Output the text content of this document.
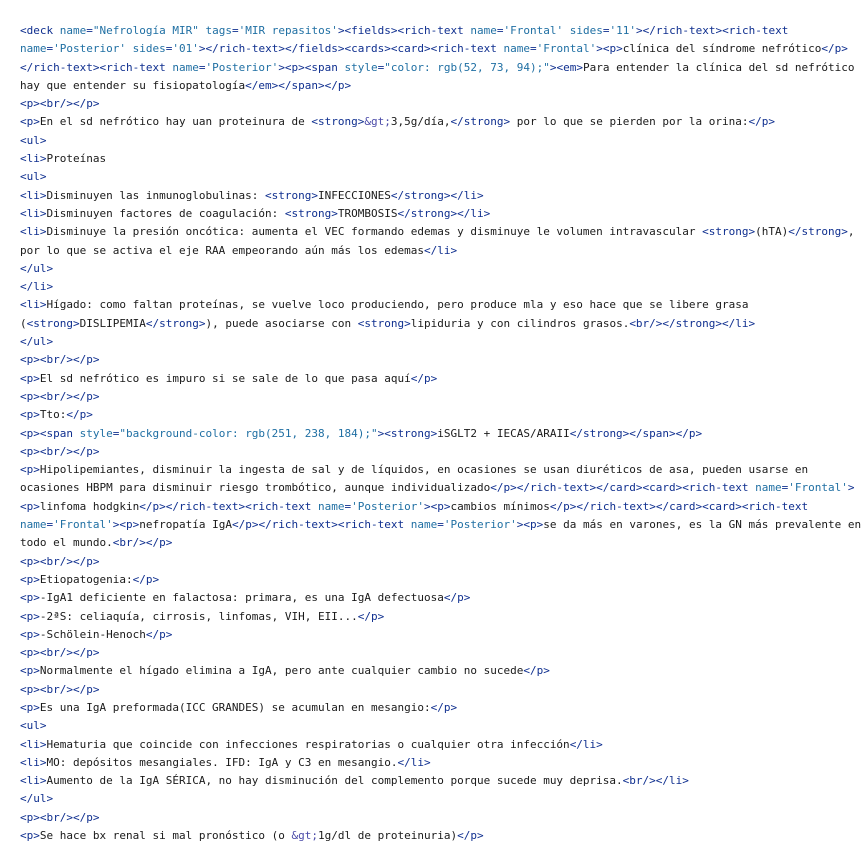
<deck name="Nefrología MIR" tags='MIR repasitos'><fields><rich-text name='Frontal' sides='11'></rich-text><rich-text
name='Posterior' sides='01'></rich-text></fields><cards><card><rich-text name='Frontal'><p>clínica del síndrome nefrótico</p>
</rich-text><rich-text name='Posterior'><p><span style="color: rgb(52, 73, 94);"><em>Para entender la clínica del sd nefrótico
hay que entender su fisiopatología</em></span></p>
<p><br/></p>
<p>En el sd nefrótico hay uan proteinura de <strong>&gt;3,5g/día,</strong> por lo que se pierden por la orina:</p>
<ul>
<li>Proteínas
<ul>
<li>Disminuyen las inmunoglobulinas: <strong>INFECCIONES</strong></li>
<li>Disminuyen factores de coagulación: <strong>TROMBOSIS</strong></li>
<li>Disminuye la presión oncótica: aumenta el VEC formando edemas y disminuye le volumen intravascular <strong>(hTA)</strong>,
por lo que se activa el eje RAA empeorando aún más los edemas</li>
</ul>
</li>
<li>Hígado: como faltan proteínas, se vuelve loco produciendo, pero produce mla y eso hace que se libere grasa
(<strong>DISLIPEMIA</strong>), puede asociarse con <strong>lipiduria y con cilindros grasos.<br/></strong></li>
</ul>
<p><br/></p>
<p>El sd nefrótico es impuro si se sale de lo que pasa aquí</p>
<p><br/></p>
<p>Tto:</p>
<p><span style="background-color: rgb(251, 238, 184);"><strong>iSGLT2 + IECAS/ARAII</strong></span></p>
<p><br/></p>
<p>Hipolipemiantes, disminuir la ingesta de sal y de líquidos, en ocasiones se usan diuréticos de asa, pueden usarse en
ocasiones HBPM para disminuir riesgo trombótico, aunque individualizado</p></rich-text></card><card><rich-text name='Frontal'>
<p>linfoma hodgkin</p></rich-text><rich-text name='Posterior'><p>cambios mínimos</p></rich-text></card><card><rich-text
name='Frontal'><p>nefropatía IgA</p></rich-text><rich-text name='Posterior'><p>se da más en varones, es la GN más prevalente en
todo el mundo.<br/></p>
<p><br/></p>
<p>Etiopatogenia:</p>
<p>-IgA1 deficiente en falactosa: primara, es una IgA defectuosa</p>
<p>-2ªS: celiaquía, cirrosis, linfomas, VIH, EII...</p>
<p>-Schölein-Henoch</p>
<p><br/></p>
<p>Normalmente el hígado elimina a IgA, pero ante cualquier cambio no sucede</p>
<p><br/></p>
<p>Es una IgA preformada(ICC GRANDES) se acumulan en mesangio:</p>
<ul>
<li>Hematuria que coincide con infecciones respiratorias o cualquier otra infección</li>
<li>MO: depósitos mesangiales. IFD: IgA y C3 en mesangio.</li>
<li>Aumento de la IgA SÉRICA, no hay disminución del complemento porque sucede muy deprisa.<br/></li>
</ul>
<p><br/></p>
<p>Se hace bx renal si mal pronóstico (o &gt;1g/dl de proteinuria)</p>
